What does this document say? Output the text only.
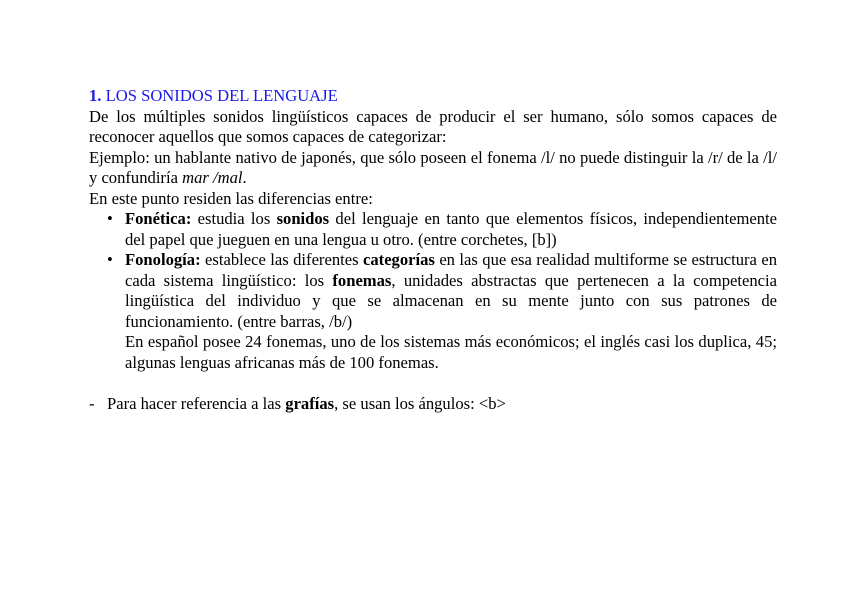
1. LOS SONIDOS DEL LENGUAJE

De los múltiples sonidos lingüísticos capaces de producir el ser humano, sólo somos capaces de reconocer aquellos que somos capaces de categorizar:

Ejemplo: un hablante nativo de japonés, que sólo poseen el fonema /l/ no puede distinguir la /r/ de la /l/ y confundiría mar /mal.

En este punto residen las diferencias entre:

• Fonética: estudia los sonidos del lenguaje en tanto que elementos físicos, independientemente del papel que jueguen en una lengua u otro. (entre corchetes, [b])
• Fonología: establece las diferentes categorías en las que esa realidad multiforme se estructura en cada sistema lingüístico: los fonemas, unidades abstractas que pertenecen a la competencia lingüística del individuo y que se almacenan en su mente junto con sus patrones de funcionamiento. (entre barras, /b/)

En español posee 24 fonemas, uno de los sistemas más económicos; el inglés casi los duplica, 45; algunas lenguas africanas más de 100 fonemas.

- Para hacer referencia a las grafías, se usan los ángulos: <b>
